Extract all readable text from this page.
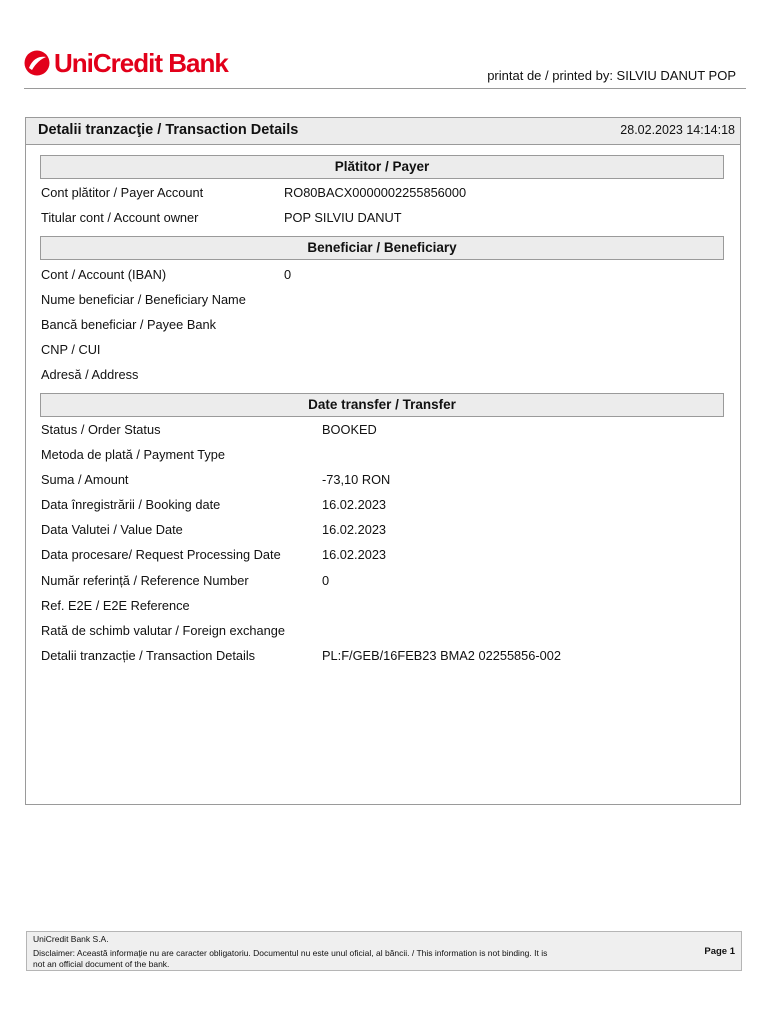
UniCredit Bank	printat de / printed by: SILVIU DANUT POP
Detalii tranzacţie / Transaction Details	28.02.2023 14:14:18
Plătitor / Payer
Cont plătitor / Payer Account	RO80BACX0000002255856000
Titular cont / Account owner	POP SILVIU DANUT
Beneficiar / Beneficiary
Cont / Account (IBAN)	0
Nume beneficiar / Beneficiary Name
Bancă beneficiar / Payee Bank
CNP / CUI
Adresă / Address
Date transfer / Transfer
Status / Order Status	BOOKED
Metoda de plată / Payment Type
Suma / Amount	-73,10 RON
Data înregistrării / Booking date	16.02.2023
Data Valutei / Value Date	16.02.2023
Data procesare/ Request Processing Date	16.02.2023
Număr referință / Reference Number	0
Ref. E2E / E2E Reference
Rată de schimb valutar / Foreign exchange
Detalii tranzacție / Transaction Details	PL:F/GEB/16FEB23 BMA2 02255856-002
UniCredit Bank S.A.
Disclaimer: Această informaţie nu are caracter obligatoriu. Documentul nu este unul oficial, al băncii. / This information is not binding. It is not an official document of the bank.
Page 1
